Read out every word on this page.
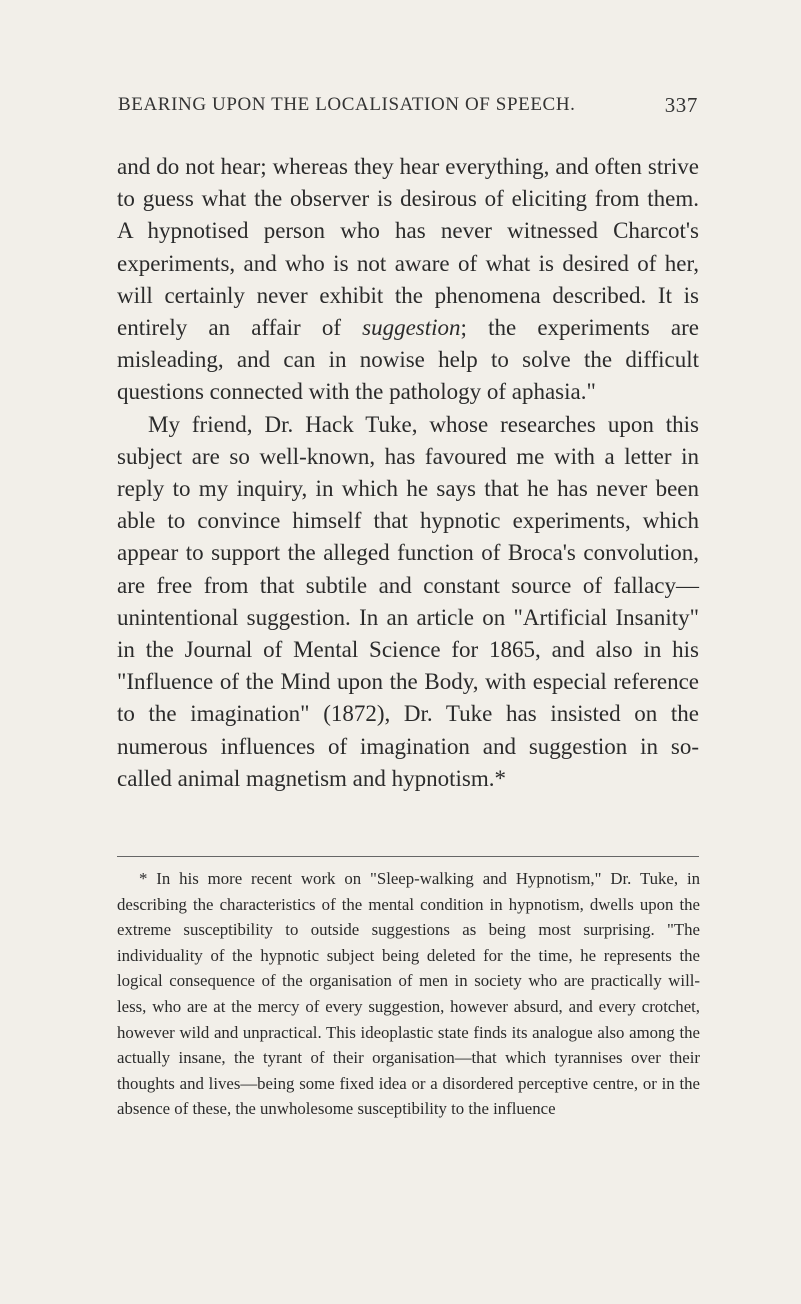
BEARING UPON THE LOCALISATION OF SPEECH.	337

and do not hear; whereas they hear everything, and often strive to guess what the observer is desirous of eliciting from them. A hypnotised person who has never witnessed Charcot's experiments, and who is not aware of what is desired of her, will certainly never exhibit the phenomena described. It is entirely an affair of suggestion; the experiments are misleading, and can in nowise help to solve the difficult questions connected with the pathology of aphasia."

My friend, Dr. Hack Tuke, whose researches upon this subject are so well-known, has favoured me with a letter in reply to my inquiry, in which he says that he has never been able to convince himself that hypnotic experiments, which appear to support the alleged function of Broca's convolution, are free from that subtile and constant source of fallacy—unintentional suggestion. In an article on "Artificial Insanity" in the Journal of Mental Science for 1865, and also in his "Influence of the Mind upon the Body, with especial reference to the imagination" (1872), Dr. Tuke has insisted on the numerous influences of imagination and suggestion in so-called animal magnetism and hypnotism.*

* In his more recent work on "Sleep-walking and Hypnotism," Dr. Tuke, in describing the characteristics of the mental condition in hypnotism, dwells upon the extreme susceptibility to outside suggestions as being most surprising. "The individuality of the hypnotic subject being deleted for the time, he represents the logical consequence of the organisation of men in society who are practically will-less, who are at the mercy of every suggestion, however absurd, and every crotchet, however wild and unpractical. This ideoplastic state finds its analogue also among the actually insane, the tyrant of their organisation—that which tyrannises over their thoughts and lives—being some fixed idea or a disordered perceptive centre, or in the absence of these, the unwholesome susceptibility to the influence
